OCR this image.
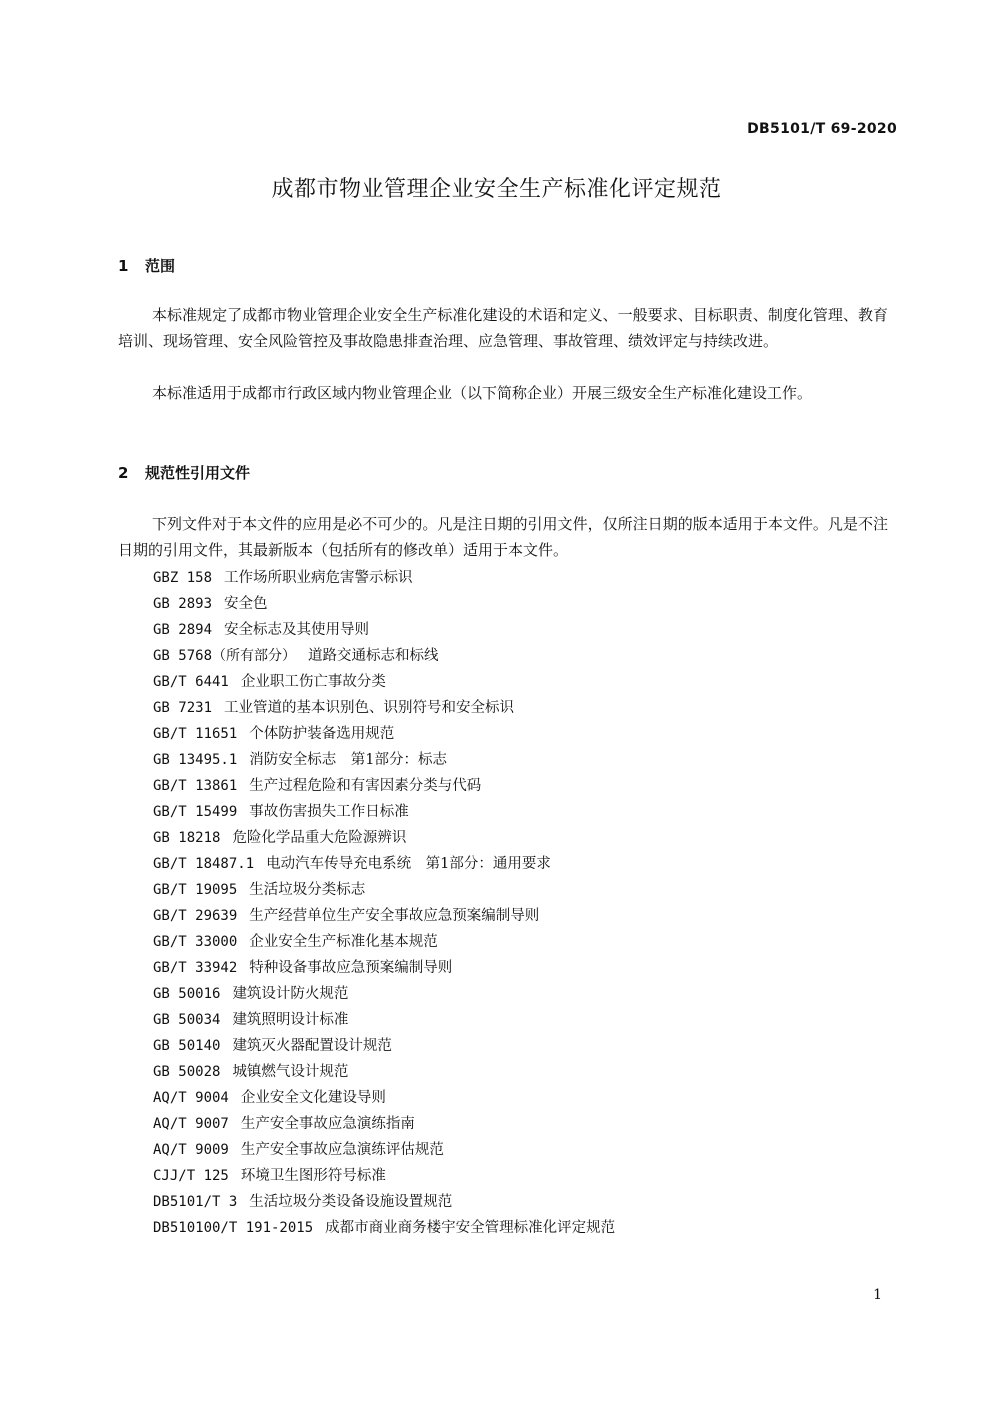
DB5101/T 69-2020
成都市物业管理企业安全生产标准化评定规范
1 范围

本标准规定了成都市物业管理企业安全生产标准化建设的术语和定义、一般要求、目标职责、制度化管理、教育培训、现场管理、安全风险管控及事故隐患排查治理、应急管理、事故管理、绩效评定与持续改进。

本标准适用于成都市行政区域内物业管理企业（以下简称企业）开展三级安全生产标准化建设工作。

2 规范性引用文件

下列文件对于本文件的应用是必不可少的。凡是注日期的引用文件，仅所注日期的版本适用于本文件。凡是不注日期的引用文件，其最新版本（包括所有的修改单）适用于本文件。

GBZ 158 工作场所职业病危害警示标识
GB 2893 安全色
GB 2894 安全标志及其使用导则
GB 5768（所有部分） 道路交通标志和标线
GB/T 6441 企业职工伤亡事故分类
GB 7231 工业管道的基本识别色、识别符号和安全标识
GB/T 11651 个体防护装备选用规范
GB 13495.1 消防安全标志　第1部分：标志
GB/T 13861 生产过程危险和有害因素分类与代码
GB/T 15499 事故伤害损失工作日标准
GB 18218 危险化学品重大危险源辨识
GB/T 18487.1 电动汽车传导充电系统　第1部分：通用要求
GB/T 19095 生活垃圾分类标志
GB/T 29639 生产经营单位生产安全事故应急预案编制导则
GB/T 33000 企业安全生产标准化基本规范
GB/T 33942 特种设备事故应急预案编制导则
GB 50016 建筑设计防火规范
GB 50034 建筑照明设计标准
GB 50140 建筑灭火器配置设计规范
GB 50028 城镇燃气设计规范
AQ/T 9004 企业安全文化建设导则
AQ/T 9007 生产安全事故应急演练指南
AQ/T 9009 生产安全事故应急演练评估规范
CJJ/T 125 环境卫生图形符号标准
DB5101/T 3 生活垃圾分类设备设施设置规范
DB510100/T 191-2015 成都市商业商务楼宇安全管理标准化评定规范
1
